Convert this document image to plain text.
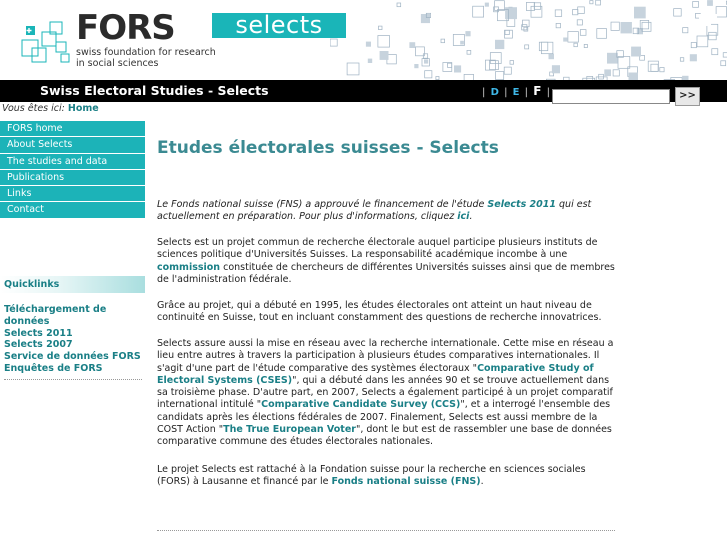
FORS
swiss foundation for research
in social sciences
selects
Swiss Electoral Studies - Selects	| D | E | F |	>>
Vous êtes ici: Home
FORS home
About Selects
The studies and data
Publications
Links
Contact
Quicklinks
Téléchargement de
données
Selects 2011
Selects 2007
Service de données FORS
Enquêtes de FORS
Etudes électorales suisses - Selects

Le Fonds national suisse (FNS) a approuvé le financement de l'étude Selects 2011 qui est actuellement en préparation. Pour plus d'informations, cliquez ici.

Selects est un projet commun de recherche électorale auquel participe plusieurs instituts de sciences politique d'Universités Suisses. La responsabilité académique incombe à une commission constituée de chercheurs de différentes Universités suisses ainsi que de membres de l'administration fédérale.

Grâce au projet, qui a débuté en 1995, les études électorales ont atteint un haut niveau de continuité en Suisse, tout en incluant constamment des questions de recherche innovatrices.

Selects assure aussi la mise en réseau avec la recherche internationale. Cette mise en réseau a lieu entre autres à travers la participation à plusieurs études comparatives internationales. Il s'agit d'une part de l'étude comparative des systèmes électoraux "Comparative Study of Electoral Systems (CSES)", qui a débuté dans les années 90 et se trouve actuellement dans sa troisième phase. D'autre part, en 2007, Selects a également participé à un projet comparatif international intitulé "Comparative Candidate Survey (CCS)", et a interrogé l'ensemble des candidats après les élections fédérales de 2007. Finalement, Selects est aussi membre de la COST Action "The True European Voter", dont le but est de rassembler une base de données comparative commune des études électorales nationales.

Le projet Selects est rattaché à la Fondation suisse pour la recherche en sciences sociales (FORS) à Lausanne et financé par le Fonds national suisse (FNS).
